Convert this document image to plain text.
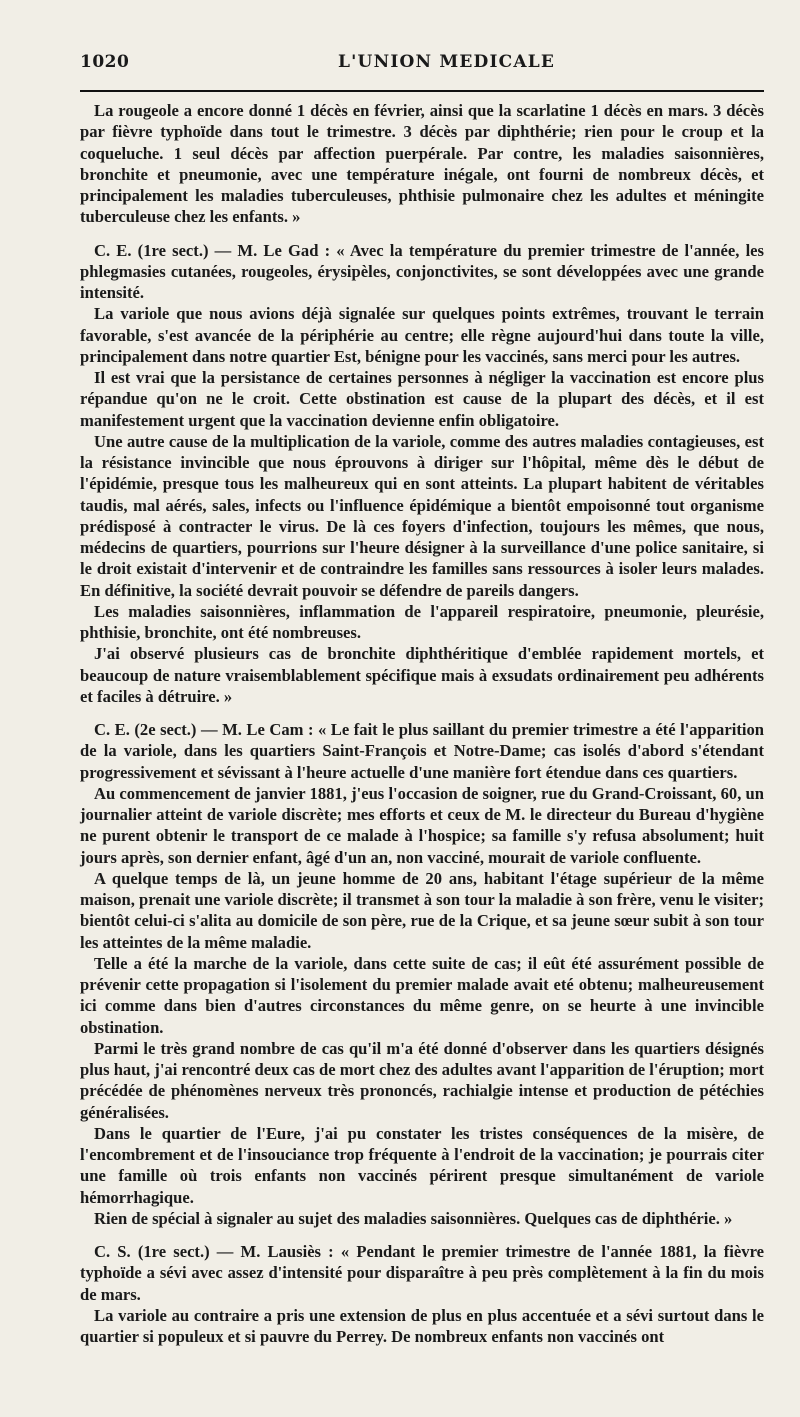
1020	L'UNION MEDICALE

La rougeole a encore donné 1 décès en février, ainsi que la scarlatine 1 décès en mars. 3 décès par fièvre typhoïde dans tout le trimestre. 3 décès par diphthérie; rien pour le croup et la coqueluche. 1 seul décès par affection puerpérale. Par contre, les maladies saisonnières, bronchite et pneumonie, avec une température inégale, ont fourni de nombreux décès, et principalement les maladies tuberculeuses, phthisie pulmonaire chez les adultes et méningite tuberculeuse chez les enfants. »

C. E. (1re sect.) — M. Le Gad : « Avec la température du premier trimestre de l'année, les phlegmasies cutanées, rougeoles, érysipèles, conjonctivites, se sont développées avec une grande intensité.

La variole que nous avions déjà signalée sur quelques points extrêmes, trouvant le terrain favorable, s'est avancée de la périphérie au centre; elle règne aujourd'hui dans toute la ville, principalement dans notre quartier Est, bénigne pour les vaccinés, sans merci pour les autres.

Il est vrai que la persistance de certaines personnes à négliger la vaccination est encore plus répandue qu'on ne le croit. Cette obstination est cause de la plupart des décès, et il est manifestement urgent que la vaccination devienne enfin obligatoire.

Une autre cause de la multiplication de la variole, comme des autres maladies contagieuses, est la résistance invincible que nous éprouvons à diriger sur l'hôpital, même dès le début de l'épidémie, presque tous les malheureux qui en sont atteints. La plupart habitent de véritables taudis, mal aérés, sales, infects ou l'influence épidémique a bientôt empoisonné tout organisme prédisposé à contracter le virus. De là ces foyers d'infection, toujours les mêmes, que nous, médecins de quartiers, pourrions sur l'heure désigner à la surveillance d'une police sanitaire, si le droit existait d'intervenir et de contraindre les familles sans ressources à isoler leurs malades. En définitive, la société devrait pouvoir se défendre de pareils dangers.

Les maladies saisonnières, inflammation de l'appareil respiratoire, pneumonie, pleurésie, phthisie, bronchite, ont été nombreuses.

J'ai observé plusieurs cas de bronchite diphthéritique d'emblée rapidement mortels, et beaucoup de nature vraisemblablement spécifique mais à exsudats ordinairement peu adhérents et faciles à détruire. »

C. E. (2e sect.) — M. Le Cam : « Le fait le plus saillant du premier trimestre a été l'apparition de la variole, dans les quartiers Saint-François et Notre-Dame; cas isolés d'abord s'étendant progressivement et sévissant à l'heure actuelle d'une manière fort étendue dans ces quartiers.

Au commencement de janvier 1881, j'eus l'occasion de soigner, rue du Grand-Croissant, 60, un journalier atteint de variole discrète; mes efforts et ceux de M. le directeur du Bureau d'hygiène ne purent obtenir le transport de ce malade à l'hospice; sa famille s'y refusa absolument; huit jours après, son dernier enfant, âgé d'un an, non vacciné, mourait de variole confluente.

A quelque temps de là, un jeune homme de 20 ans, habitant l'étage supérieur de la même maison, prenait une variole discrète; il transmet à son tour la maladie à son frère, venu le visiter; bientôt celui-ci s'alita au domicile de son père, rue de la Crique, et sa jeune sœur subit à son tour les atteintes de la même maladie.

Telle a été la marche de la variole, dans cette suite de cas; il eût été assurément possible de prévenir cette propagation si l'isolement du premier malade avait eté obtenu; malheureusement ici comme dans bien d'autres circonstances du même genre, on se heurte à une invincible obstination.

Parmi le très grand nombre de cas qu'il m'a été donné d'observer dans les quartiers désignés plus haut, j'ai rencontré deux cas de mort chez des adultes avant l'apparition de l'éruption; mort précédée de phénomènes nerveux très prononcés, rachialgie intense et production de pétéchies généralisées.

Dans le quartier de l'Eure, j'ai pu constater les tristes conséquences de la misère, de l'encombrement et de l'insouciance trop fréquente à l'endroit de la vaccination; je pourrais citer une famille où trois enfants non vaccinés périrent presque simultanément de variole hémorrhagique.

Rien de spécial à signaler au sujet des maladies saisonnières. Quelques cas de diphthérie. »

C. S. (1re sect.) — M. Lausiès : « Pendant le premier trimestre de l'année 1881, la fièvre typhoïde a sévi avec assez d'intensité pour disparaître à peu près complètement à la fin du mois de mars.

La variole au contraire a pris une extension de plus en plus accentuée et a sévi surtout dans le quartier si populeux et si pauvre du Perrey. De nombreux enfants non vaccinés ont
